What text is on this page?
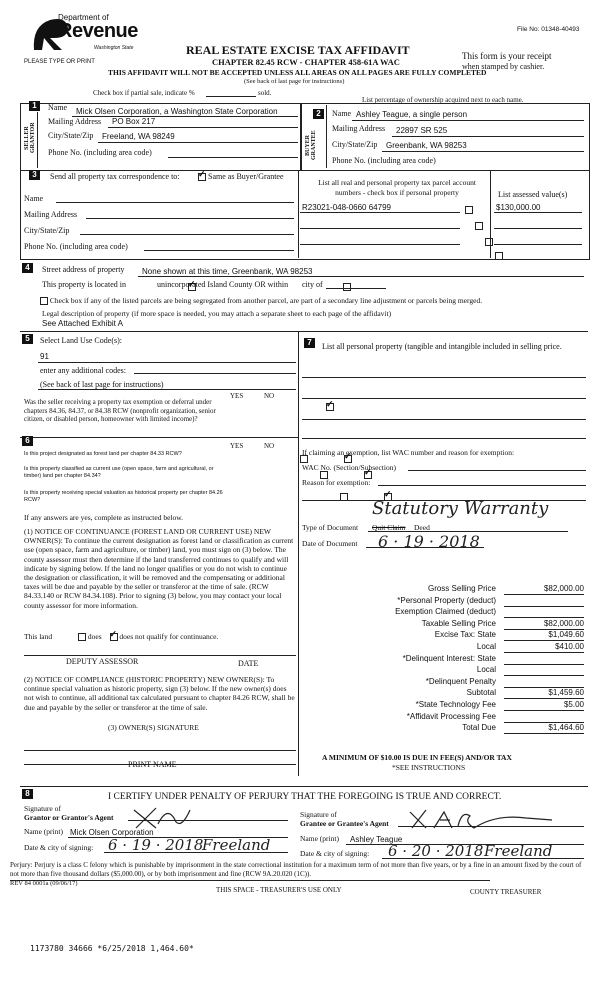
Department of
Revenue
Washington State
PLEASE TYPE OR PRINT
REAL ESTATE EXCISE TAX AFFIDAVIT
CHAPTER 82.45 RCW - CHAPTER 458-61A WAC
THIS AFFIDAVIT WILL NOT BE ACCEPTED UNLESS ALL AREAS ON ALL PAGES ARE FULLY COMPLETED
(See back of last page for instructions)
File No: 01348-40493
This form is your receipt
when stamped by cashier.
Check box if partial sale, indicate %	sold.
List percentage of ownership acquired next to each name.
1
SELLER GRANTOR
Name Mick Olsen Corporation, a Washington State Corporation
Mailing Address PO Box 217
City/State/Zip Freeland, WA 98249
Phone No. (including area code)
2
BUYER GRANTEE
Name Ashley Teague, a single person
Mailing Address 22897 SR 525
City/State/Zip Greenbank, WA 98253
Phone No. (including area code)
3	Send all property tax correspondence to: ✓	Same as Buyer/Grantee
Name
Mailing Address
City/State/Zip
Phone No. (including area code)
List all real and personal property tax parcel account
numbers - check box if personal property	List assessed value(s)
R23021-048-0660 64799
	$130,000.00

4	Street address of property None shown at this time, Greenbank, WA 98253
This property is located in ✓	unincorporated Island County OR within
city of
Check box if any of the listed parcels are being segregated from another parcel, are part of a secondary line adjustment or parcels being merged.
Legal description of property (if more space is needed, you may attach a separate sheet to each page of the affidavit)
See Attached Exhibit A
5	Select Land Use Code(s):
91
enter any additional codes:
(See back of last page for instructions)
YES	NO
Was the seller receiving a property tax exemption or deferral under chapters 84.36, 84.37, or 84.38 RCW (nonprofit organization, senior citizen, or disabled person, homeowner with limited income)?
✓
6
YES	NO
Is this project designated as forest land per chapter 84.33 RCW?
✓
Is this property classified as current use (open space, farm and agricultural, or timber) land per chapter 84.34?
✓
Is this property receiving special valuation as historical property per chapter 84.26 RCW?
✓
If any answers are yes, complete as instructed below.
(1) NOTICE OF CONTINUANCE (FOREST LAND OR CURRENT USE) NEW OWNER(S): To continue the current designation as forest land or classification as current use (open space, farm and agriculture, or timber) land, you must sign on (3) below. The county assessor must then determine if the land transferred continues to qualify and will indicate by signing below. If the land no longer qualifies or you do not wish to continue the designation or classification, it will be removed and the compensating or additional taxes will be due and payable by the seller or transferor at the time of sale. (RCW 84.33.140 or RCW 84.34.108). Prior to signing (3) below, you may contact your local county assessor for more information.
This land	does ✓ does not qualify for continuance.
DEPUTY ASSESSOR	DATE
(2) NOTICE OF COMPLIANCE (HISTORIC PROPERTY) NEW OWNER(S): To continue special valuation as historic property, sign (3) below. If the new owner(s) does not wish to continue, all additional tax calculated pursuant to chapter 84.26 RCW, shall be due and payable by the seller or transferor at the time of sale.
(3) OWNER(S) SIGNATURE
PRINT NAME
7	List all personal property (tangible and intangible included in selling price.
If claiming an exemption, list WAC number and reason for exemption:
WAC No. (Section/Subsection)
Reason for exemption:
Statutory Warranty
Type of Document Quit Claim Deed
Date of Document 6 · 19 · 2018
Gross Selling Price	$82,000.00
*Personal Property (deduct)
Exemption Claimed (deduct)
Taxable Selling Price	$82,000.00
Excise Tax: State	$1,049.60
Local	$410.00
*Delinquent Interest: State
Local
*Delinquent Penalty
Subtotal	$1,459.60
*State Technology Fee	$5.00
*Affidavit Processing Fee
Total Due	$1,464.60
A MINIMUM OF $10.00 IS DUE IN FEE(S) AND/OR TAX
*SEE INSTRUCTIONS
8	I CERTIFY UNDER PENALTY OF PERJURY THAT THE FOREGOING IS TRUE AND CORRECT.
Signature of
Grantor or Grantor's Agent
Name (print) Mick Olsen Corporation
Date & city of signing: 6 · 19 · 2018
Freeland
Signature of
Grantee or Grantee's Agent
Name (print) Ashley Teague
Date & city of signing: 6 · 20 · 2018 Freeland
Perjury: Perjury is a class C felony which is punishable by imprisonment in the state correctional institution for a maximum term of not more than five years, or by a fine in an amount fixed by the court of not more than five thousand dollars ($5,000.00), or by both imprisonment and fine (RCW 9A.20.020 (1C)).
REV 84 0001a (09/06/17)
THIS SPACE - TREASURER'S USE ONLY	COUNTY TREASURER
1173780 34666 *6/25/2018 1,464.60*
